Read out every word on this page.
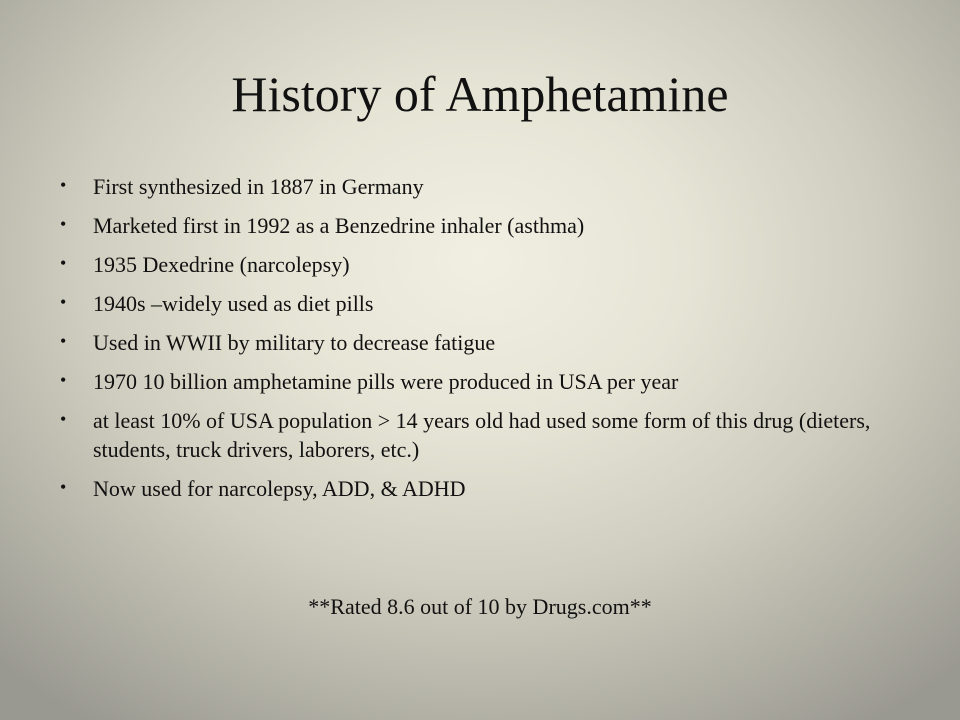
History of Amphetamine
• First synthesized in 1887 in Germany
• Marketed first in 1992 as a Benzedrine inhaler (asthma)
• 1935 Dexedrine (narcolepsy)
• 1940s –widely used as diet pills
• Used in WWII by military to decrease fatigue
• 1970 10 billion amphetamine pills were produced in USA per year
• at least 10% of USA population > 14 years old had used some form of this drug (dieters, students, truck drivers, laborers, etc.)
• Now used for narcolepsy, ADD, & ADHD
**Rated 8.6 out of 10 by Drugs.com**
